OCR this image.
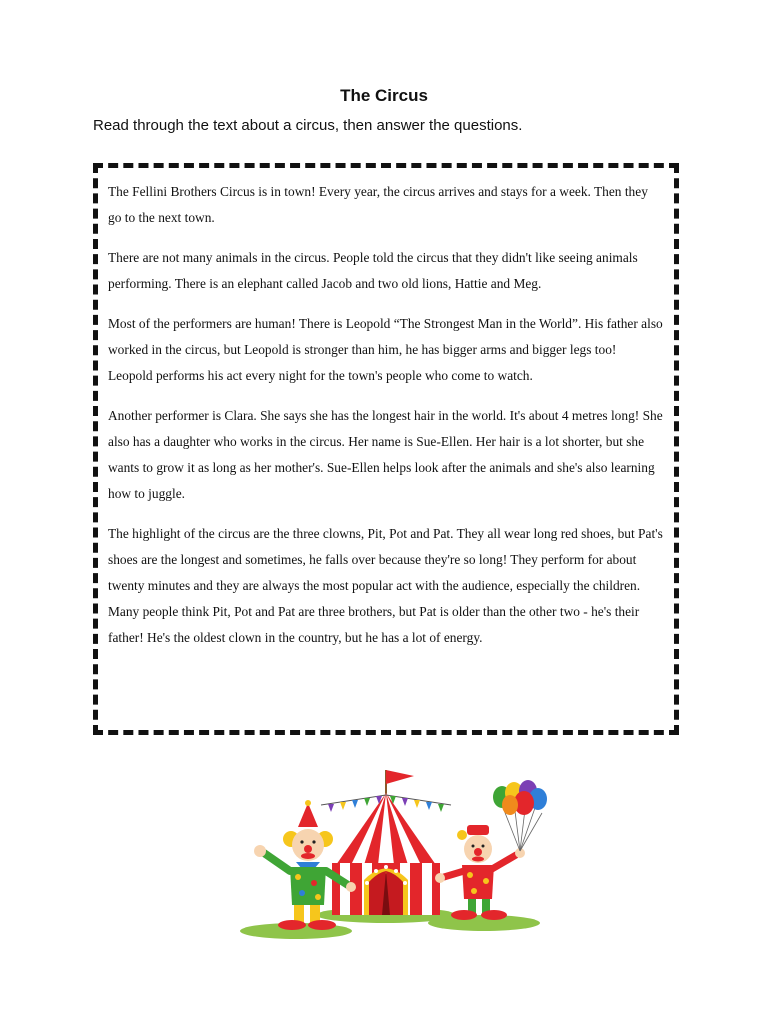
The Circus

Read through the text about a circus, then answer the questions.

The Fellini Brothers Circus is in town! Every year, the circus arrives and stays for a week. Then they go to the next town.

There are not many animals in the circus. People told the circus that they didn't like seeing animals performing. There is an elephant called Jacob and two old lions, Hattie and Meg.

Most of the performers are human! There is Leopold “The Strongest Man in the World”. His father also worked in the circus, but Leopold is stronger than him, he has bigger arms and bigger legs too! Leopold performs his act every night for the town's people who come to watch.

Another performer is Clara. She says she has the longest hair in the world. It's about 4 metres long! She also has a daughter who works in the circus. Her name is Sue-Ellen. Her hair is a lot shorter, but she wants to grow it as long as her mother's. Sue-Ellen helps look after the animals and she's also learning how to juggle.

The highlight of the circus are the three clowns, Pit, Pot and Pat. They all wear long red shoes, but Pat's shoes are the longest and sometimes, he falls over because they're so long! They perform for about twenty minutes and they are always the most popular act with the audience, especially the children. Many people think Pit, Pot and Pat are three brothers, but Pat is older than the other two - he's their father! He's the oldest clown in the country, but he has a lot of energy.
